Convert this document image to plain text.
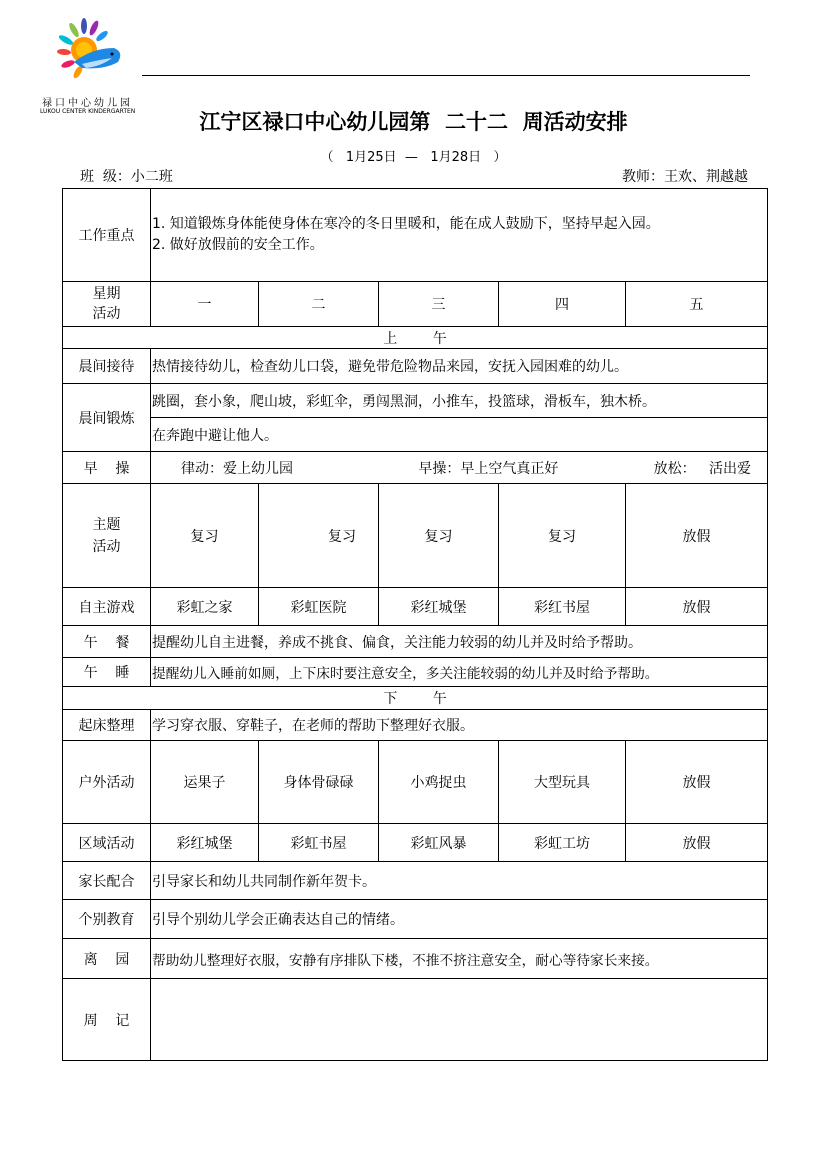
禄口中心幼儿园
LUKOU CENTER KINDERGARTEN	江宁区禄口中心幼儿园第  二十二  周活动安排
（   1月25日  —   1月28日   ）
班  级：小二班	教师：王欢、荆越越
工作重点	1. 知道锻炼身体能使身体在寒冷的冬日里暖和，能在成人鼓励下，坚持早起入园。
2. 做好放假前的安全工作。				
星期
活动	一	二	三	四	五
上        午					
晨间接待	热情接待幼儿，检查幼儿口袋，避免带危险物品来园，安抚入园困难的幼儿。				
晨间锻炼	跳圈，套小象，爬山坡，彩虹伞，勇闯黑洞，小推车，投篮球，滑板车，独木桥。				
	在奔跑中避让他人。				
早    操	律动：爱上幼儿园 早操：早上空气真正好 放松：   活出爱				

主题
活动	复习	复习	复习	复习	放假
自主游戏	彩虹之家	彩虹医院	彩红城堡	彩红书屋	放假
午    餐	提醒幼儿自主进餐，养成不挑食、偏食，关注能力较弱的幼儿并及时给予帮助。				
午    睡	提醒幼儿入睡前如厕，上下床时要注意安全，多关注能较弱的幼儿并及时给予帮助。				
下        午					
起床整理	学习穿衣服、穿鞋子，在老师的帮助下整理好衣服。				
户外活动	运果子	身体骨碌碌	小鸡捉虫	大型玩具	放假
区域活动	彩红城堡	彩虹书屋	彩虹风暴	彩虹工坊	放假
家长配合	引导家长和幼儿共同制作新年贺卡。				
个别教育	引导个别幼儿学会正确表达自己的情绪。				
离    园	帮助幼儿整理好衣服，安静有序排队下楼，不推不挤注意安全，耐心等待家长来接。				
周    记					
